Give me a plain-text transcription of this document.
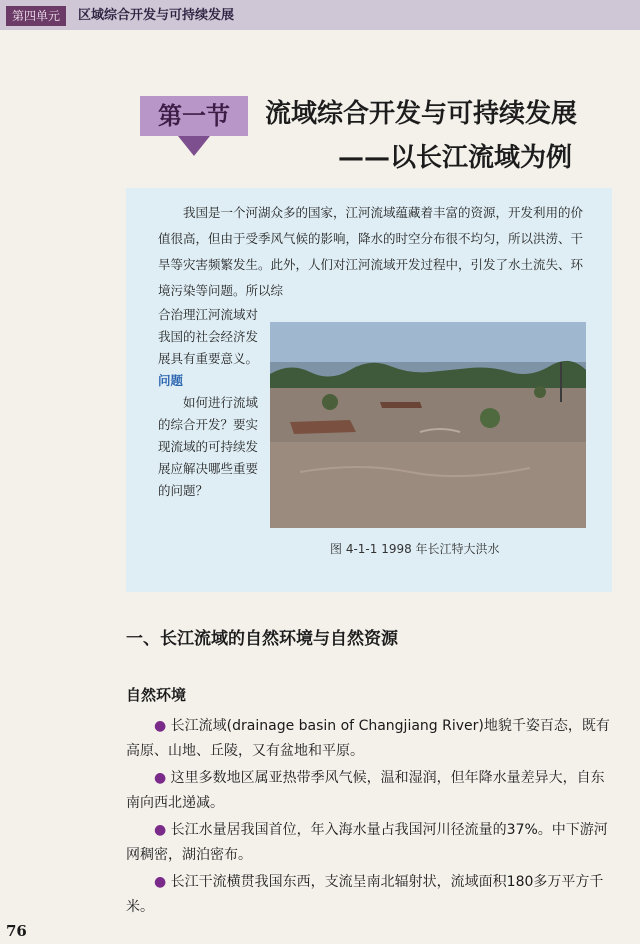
第四单元	区域综合开发与可持续发展
第一节	流域综合开发与可持续发展
——以长江流域为例
我国是一个河湖众多的国家，江河流域蕴藏着丰富的资源，开发利用的价值很高，但由于受季风气候的影响，降水的时空分布很不均匀，所以洪涝、干旱等灾害频繁发生。此外，人们对江河流域开发过程中，引发了水土流失、环境污染等问题。所以综
合治理江河流域对我国的社会经济发展具有重要意义。
问题
如何进行流域的综合开发？要实现流域的可持续发展应解决哪些重要的问题？
图 4-1-1 1998 年长江特大洪水
一、长江流域的自然环境与自然资源
自然环境
● 长江流域(drainage basin of Changjiang River)地貌千姿百态，既有高原、山地、丘陵，又有盆地和平原。
● 这里多数地区属亚热带季风气候，温和湿润，但年降水量差异大，自东南向西北递减。
● 长江水量居我国首位，年入海水量占我国河川径流量的37%。中下游河网稠密，湖泊密布。
● 长江干流横贯我国东西，支流呈南北辐射状，流域面积180多万平方千米。
76
